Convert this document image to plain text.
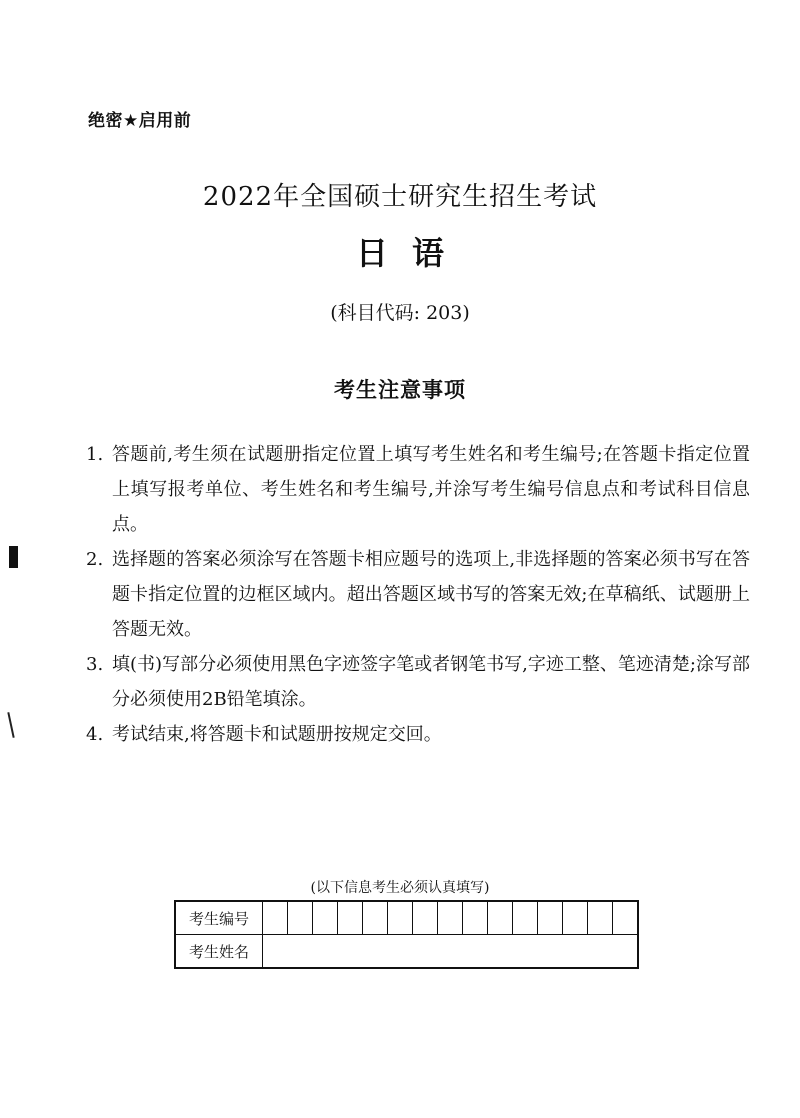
绝密★启用前
2022年全国硕士研究生招生考试
日语
(科目代码: 203)
考生注意事项
1. 答题前,考生须在试题册指定位置上填写考生姓名和考生编号;在答题卡指定位置上填写报考单位、考生姓名和考生编号,并涂写考生编号信息点和考试科目信息点。
2. 选择题的答案必须涂写在答题卡相应题号的选项上,非选择题的答案必须书写在答题卡指定位置的边框区域内。超出答题区域书写的答案无效;在草稿纸、试题册上答题无效。
3. 填(书)写部分必须使用黑色字迹签字笔或者钢笔书写,字迹工整、笔迹清楚;涂写部分必须使用2B铅笔填涂。
4. 考试结束,将答题卡和试题册按规定交回。
(以下信息考生必须认真填写)
考生编号															
考生姓名															
